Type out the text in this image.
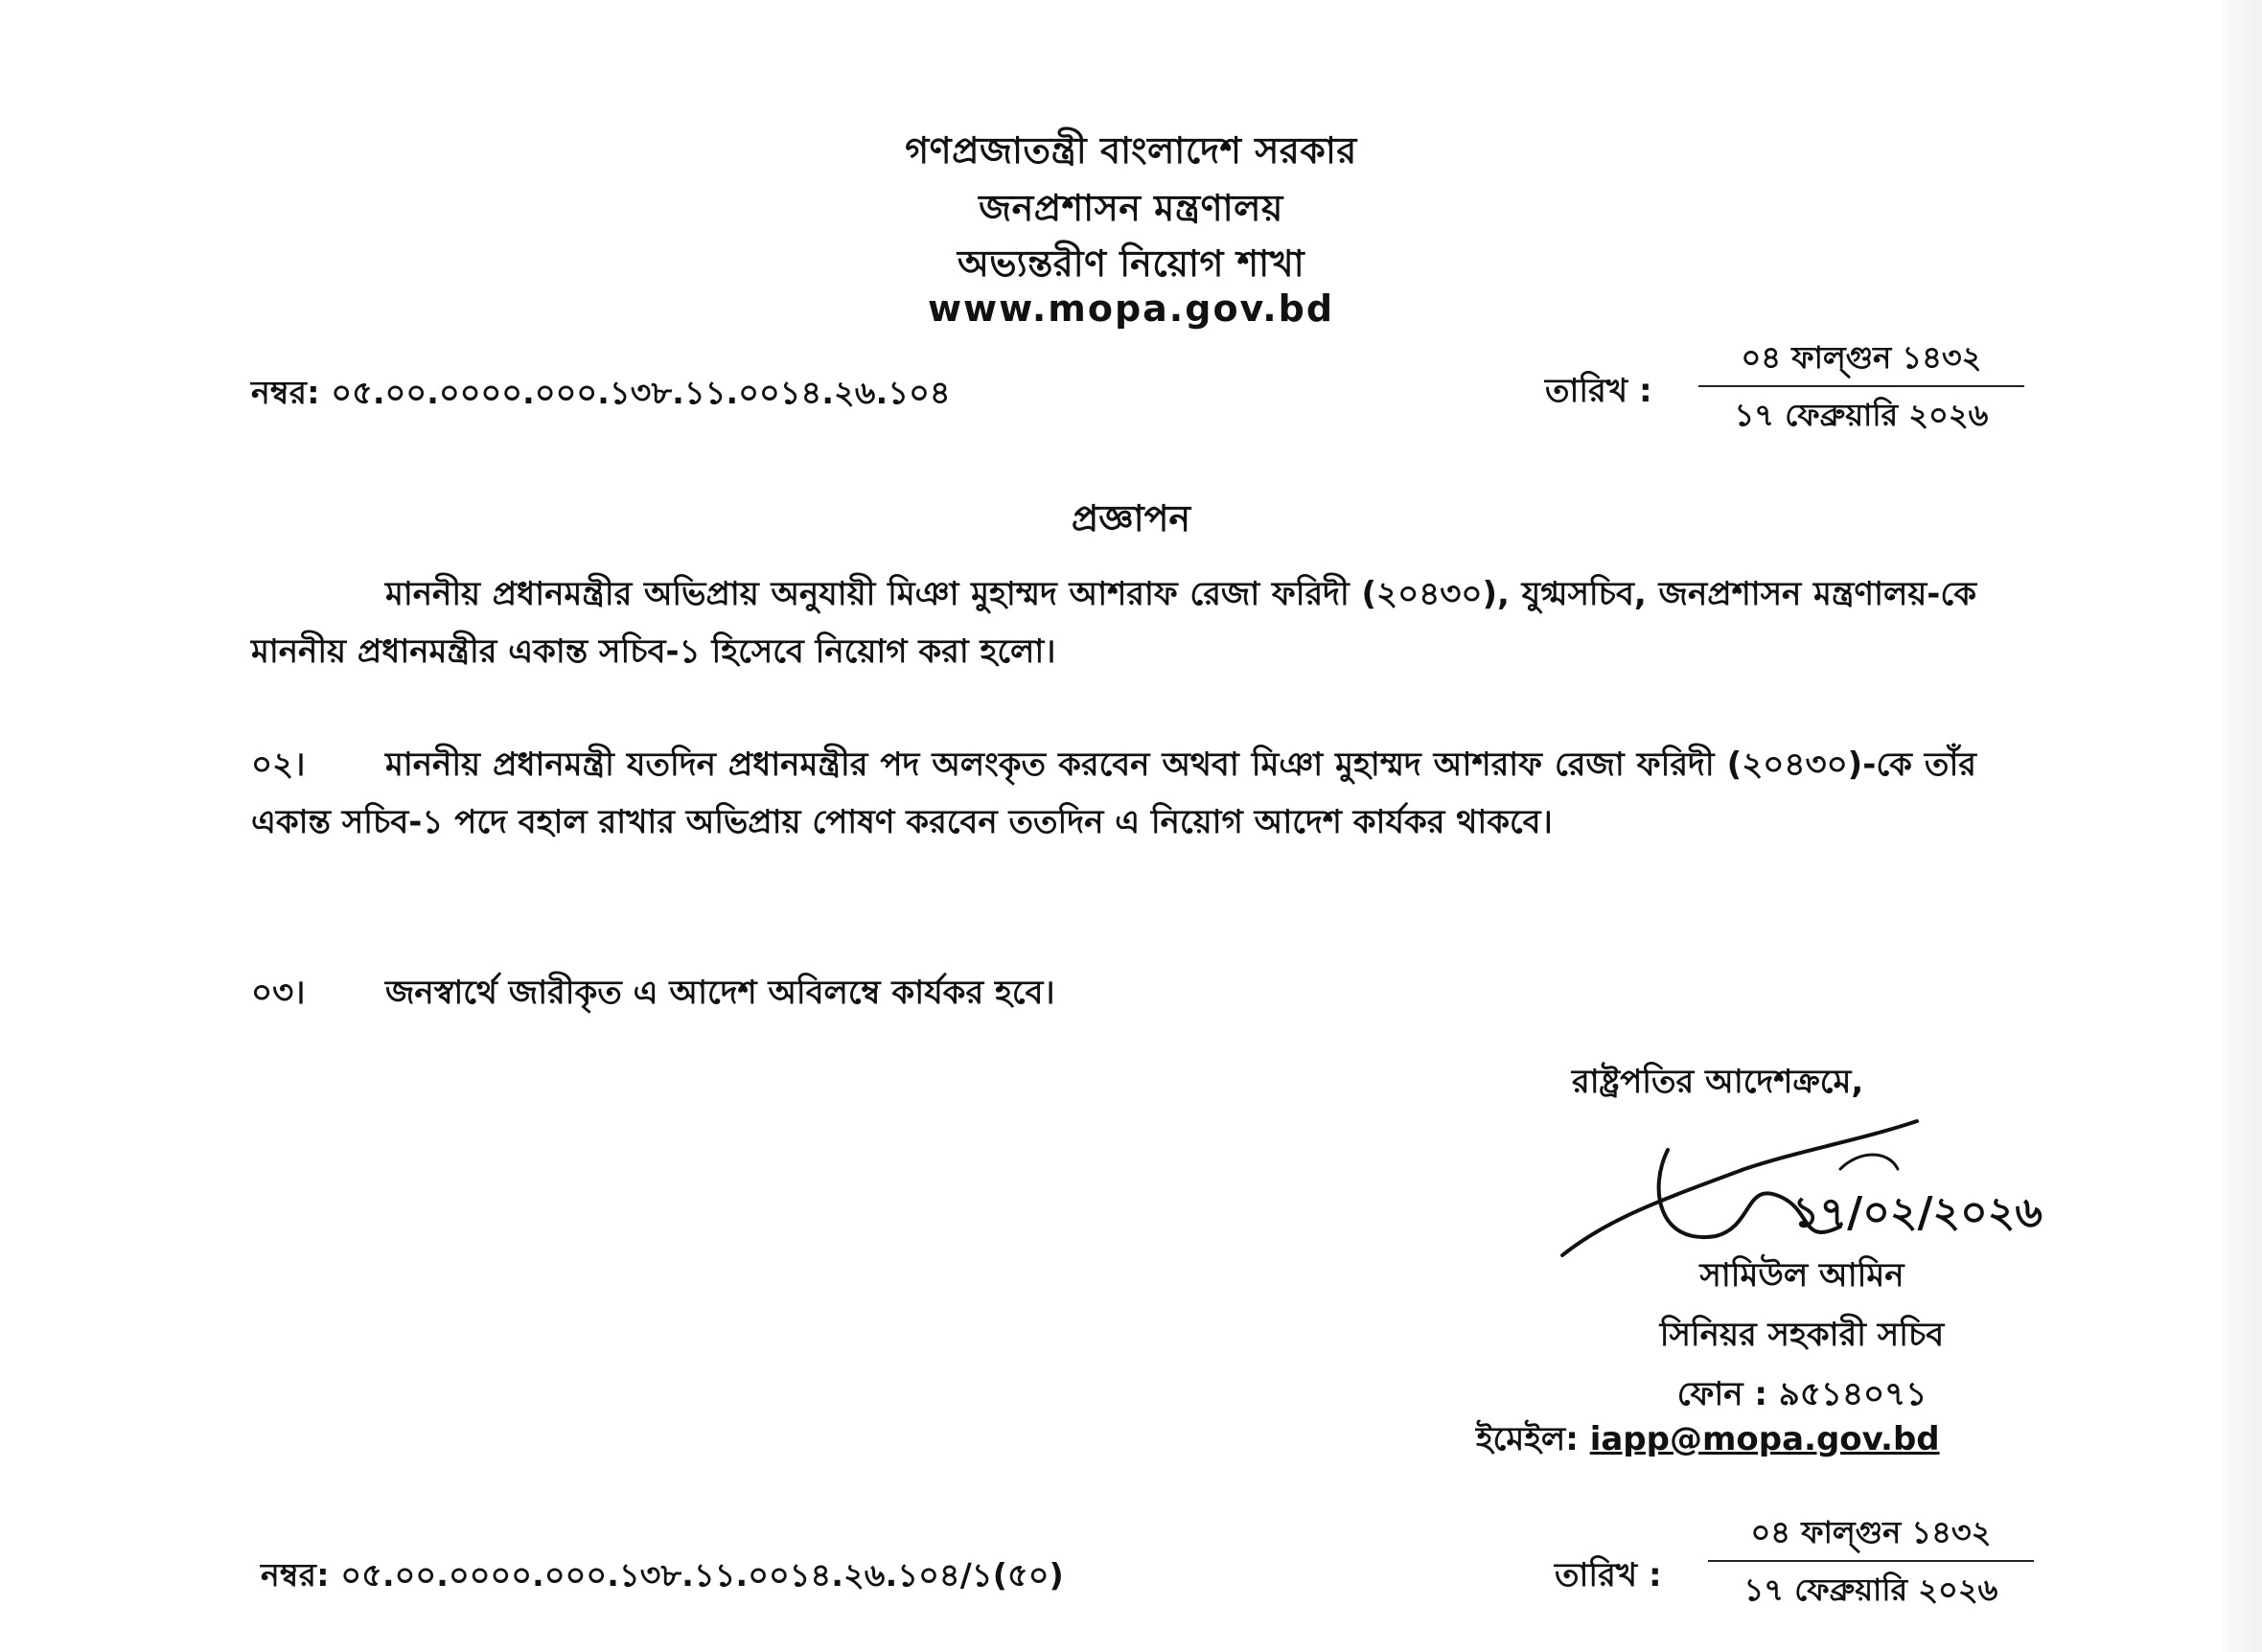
গণপ্রজাতন্ত্রী বাংলাদেশ সরকার
জনপ্রশাসন মন্ত্রণালয়
অভ্যন্তরীণ নিয়োগ শাখা
www.mopa.gov.bd
নম্বর: ০৫.০০.০০০০.০০০.১৩৮.১১.০০১৪.২৬.১০৪	তারিখ :
০৪ ফাল্গুন ১৪৩২
১৭ ফেব্রুয়ারি ২০২৬
প্রজ্ঞাপন
মাননীয় প্রধানমন্ত্রীর অভিপ্রায় অনুযায়ী মিঞা মুহাম্মদ আশরাফ রেজা ফরিদী (২০৪৩০), যুগ্মসচিব, জনপ্রশাসন মন্ত্রণালয়-কে মাননীয় প্রধানমন্ত্রীর একান্ত সচিব-১ হিসেবে নিয়োগ করা হলো।
০২। মাননীয় প্রধানমন্ত্রী যতদিন প্রধানমন্ত্রীর পদ অলংকৃত করবেন অথবা মিঞা মুহাম্মদ আশরাফ রেজা ফরিদী (২০৪৩০)-কে তাঁর একান্ত সচিব-১ পদে বহাল রাখার অভিপ্রায় পোষণ করবেন ততদিন এ নিয়োগ আদেশ কার্যকর থাকবে।
০৩। জনস্বার্থে জারীকৃত এ আদেশ অবিলম্বে কার্যকর হবে।
রাষ্ট্রপতির আদেশক্রমে,
১৭/০২/২০২৬
সামিউল আমিন
সিনিয়র সহকারী সচিব
ফোন : ৯৫১৪০৭১
ইমেইল: iapp@mopa.gov.bd
নম্বর: ০৫.০০.০০০০.০০০.১৩৮.১১.০০১৪.২৬.১০৪/১(৫০)	তারিখ :
০৪ ফাল্গুন ১৪৩২
১৭ ফেব্রুয়ারি ২০২৬
